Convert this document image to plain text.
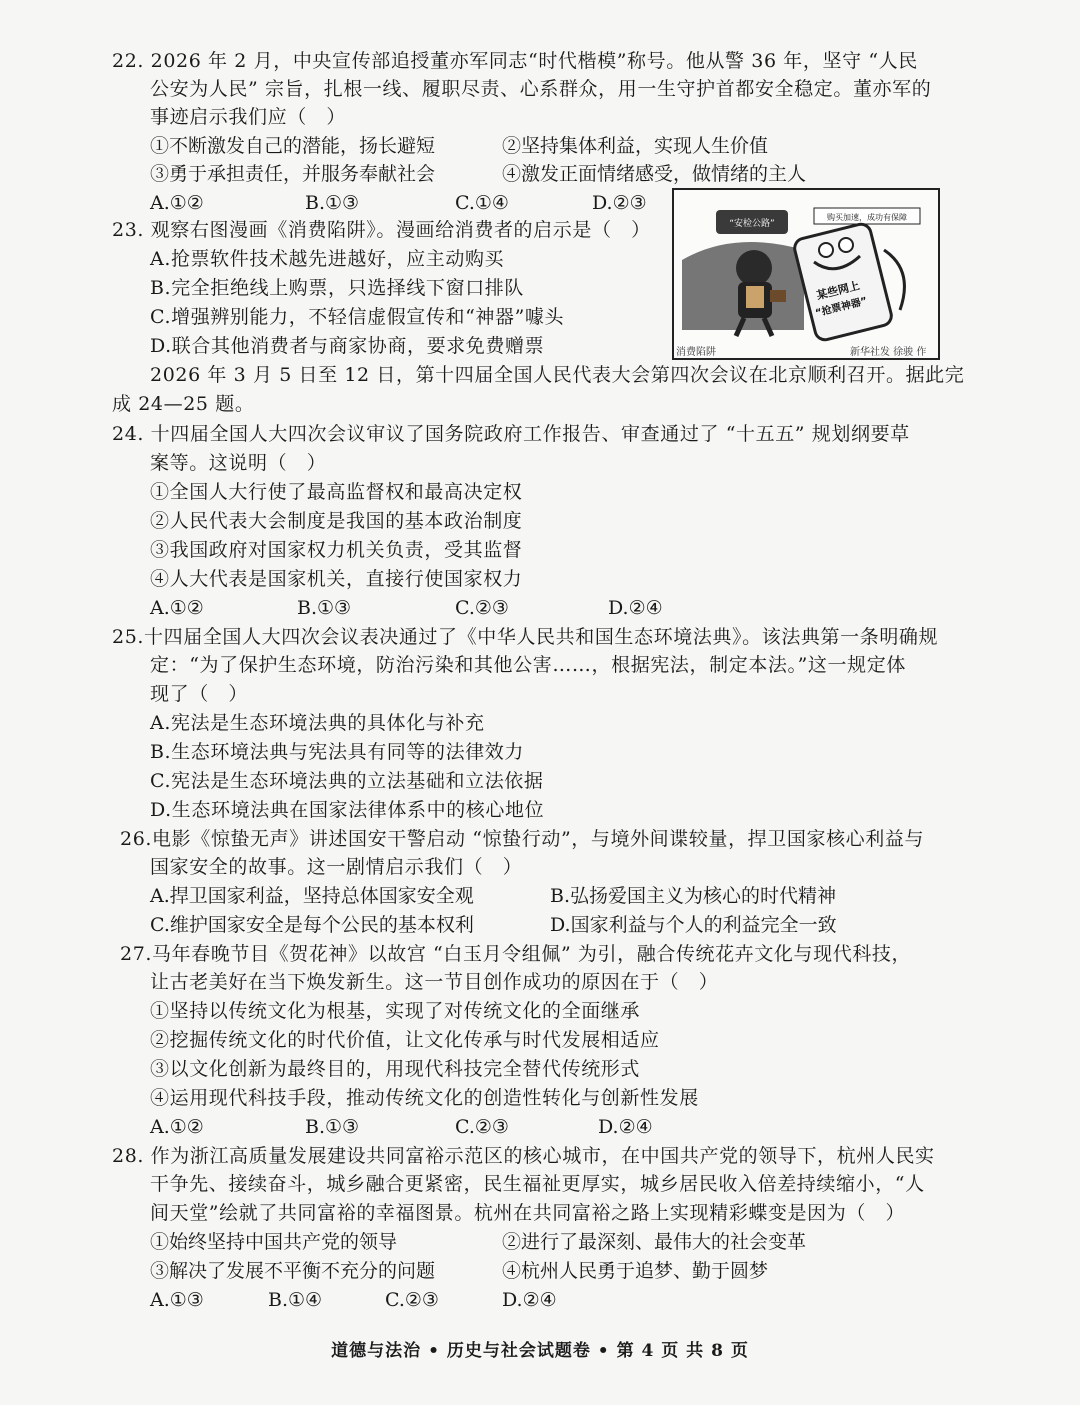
22. 2026 年 2 月，中央宣传部追授董亦军同志“时代楷模”称号。他从警 36 年，坚守 “人民
公安为人民” 宗旨，扎根一线、履职尽责、心系群众，用一生守护首都安全稳定。董亦军的
事迹启示我们应（　）
①不断激发自己的潜能，扬长避短	②坚持集体利益，实现人生价值
③勇于承担责任，并服务奉献社会	④激发正面情绪感受，做情绪的主人
A.①②	B.①③	C.①④	D.②③
23. 观察右图漫画《消费陷阱》。漫画给消费者的启示是（　）
A.抢票软件技术越先进越好，应主动购买
B.完全拒绝线上购票，只选择线下窗口排队
C.增强辨别能力，不轻信虚假宣传和“神器”噱头
D.联合其他消费者与商家协商，要求免费赠票
“安检公路”
购买加速，成功有保障
某些网上
“抢票神器”
消费陷阱	新华社发 徐骏 作
2026 年 3 月 5 日至 12 日，第十四届全国人民代表大会第四次会议在北京顺利召开。据此完
成 24—25 题。
24. 十四届全国人大四次会议审议了国务院政府工作报告、审查通过了 “十五五” 规划纲要草
案等。这说明（　）
①全国人大行使了最高监督权和最高决定权
②人民代表大会制度是我国的基本政治制度
③我国政府对国家权力机关负责，受其监督
④人大代表是国家机关，直接行使国家权力
A.①②	B.①③	C.②③	D.②④
25.十四届全国人大四次会议表决通过了《中华人民共和国生态环境法典》。该法典第一条明确规
定：“为了保护生态环境，防治污染和其他公害……，根据宪法，制定本法。”这一规定体
现了（　）
A.宪法是生态环境法典的具体化与补充
B.生态环境法典与宪法具有同等的法律效力
C.宪法是生态环境法典的立法基础和立法依据
D.生态环境法典在国家法律体系中的核心地位
26.电影《惊蛰无声》讲述国安干警启动 “惊蛰行动”，与境外间谍较量，捍卫国家核心利益与
国家安全的故事。这一剧情启示我们（　）
A.捍卫国家利益，坚持总体国家安全观	B.弘扬爱国主义为核心的时代精神
C.维护国家安全是每个公民的基本权利	D.国家利益与个人的利益完全一致
27.马年春晚节目《贺花神》以故宫 “白玉月令组佩” 为引，融合传统花卉文化与现代科技，
让古老美好在当下焕发新生。这一节目创作成功的原因在于（　）
①坚持以传统文化为根基，实现了对传统文化的全面继承
②挖掘传统文化的时代价值，让文化传承与时代发展相适应
③以文化创新为最终目的，用现代科技完全替代传统形式
④运用现代科技手段，推动传统文化的创造性转化与创新性发展
A.①②	B.①③	C.②③	D.②④
28. 作为浙江高质量发展建设共同富裕示范区的核心城市，在中国共产党的领导下，杭州人民实
干争先、接续奋斗，城乡融合更紧密，民生福祉更厚实，城乡居民收入倍差持续缩小，“人
间天堂”绘就了共同富裕的幸福图景。杭州在共同富裕之路上实现精彩蝶变是因为（　）
①始终坚持中国共产党的领导	②进行了最深刻、最伟大的社会变革
③解决了发展不平衡不充分的问题	④杭州人民勇于追梦、勤于圆梦
A.①③	B.①④	C.②③	D.②④
道德与法治 • 历史与社会试题卷 • 第 4 页 共 8 页
